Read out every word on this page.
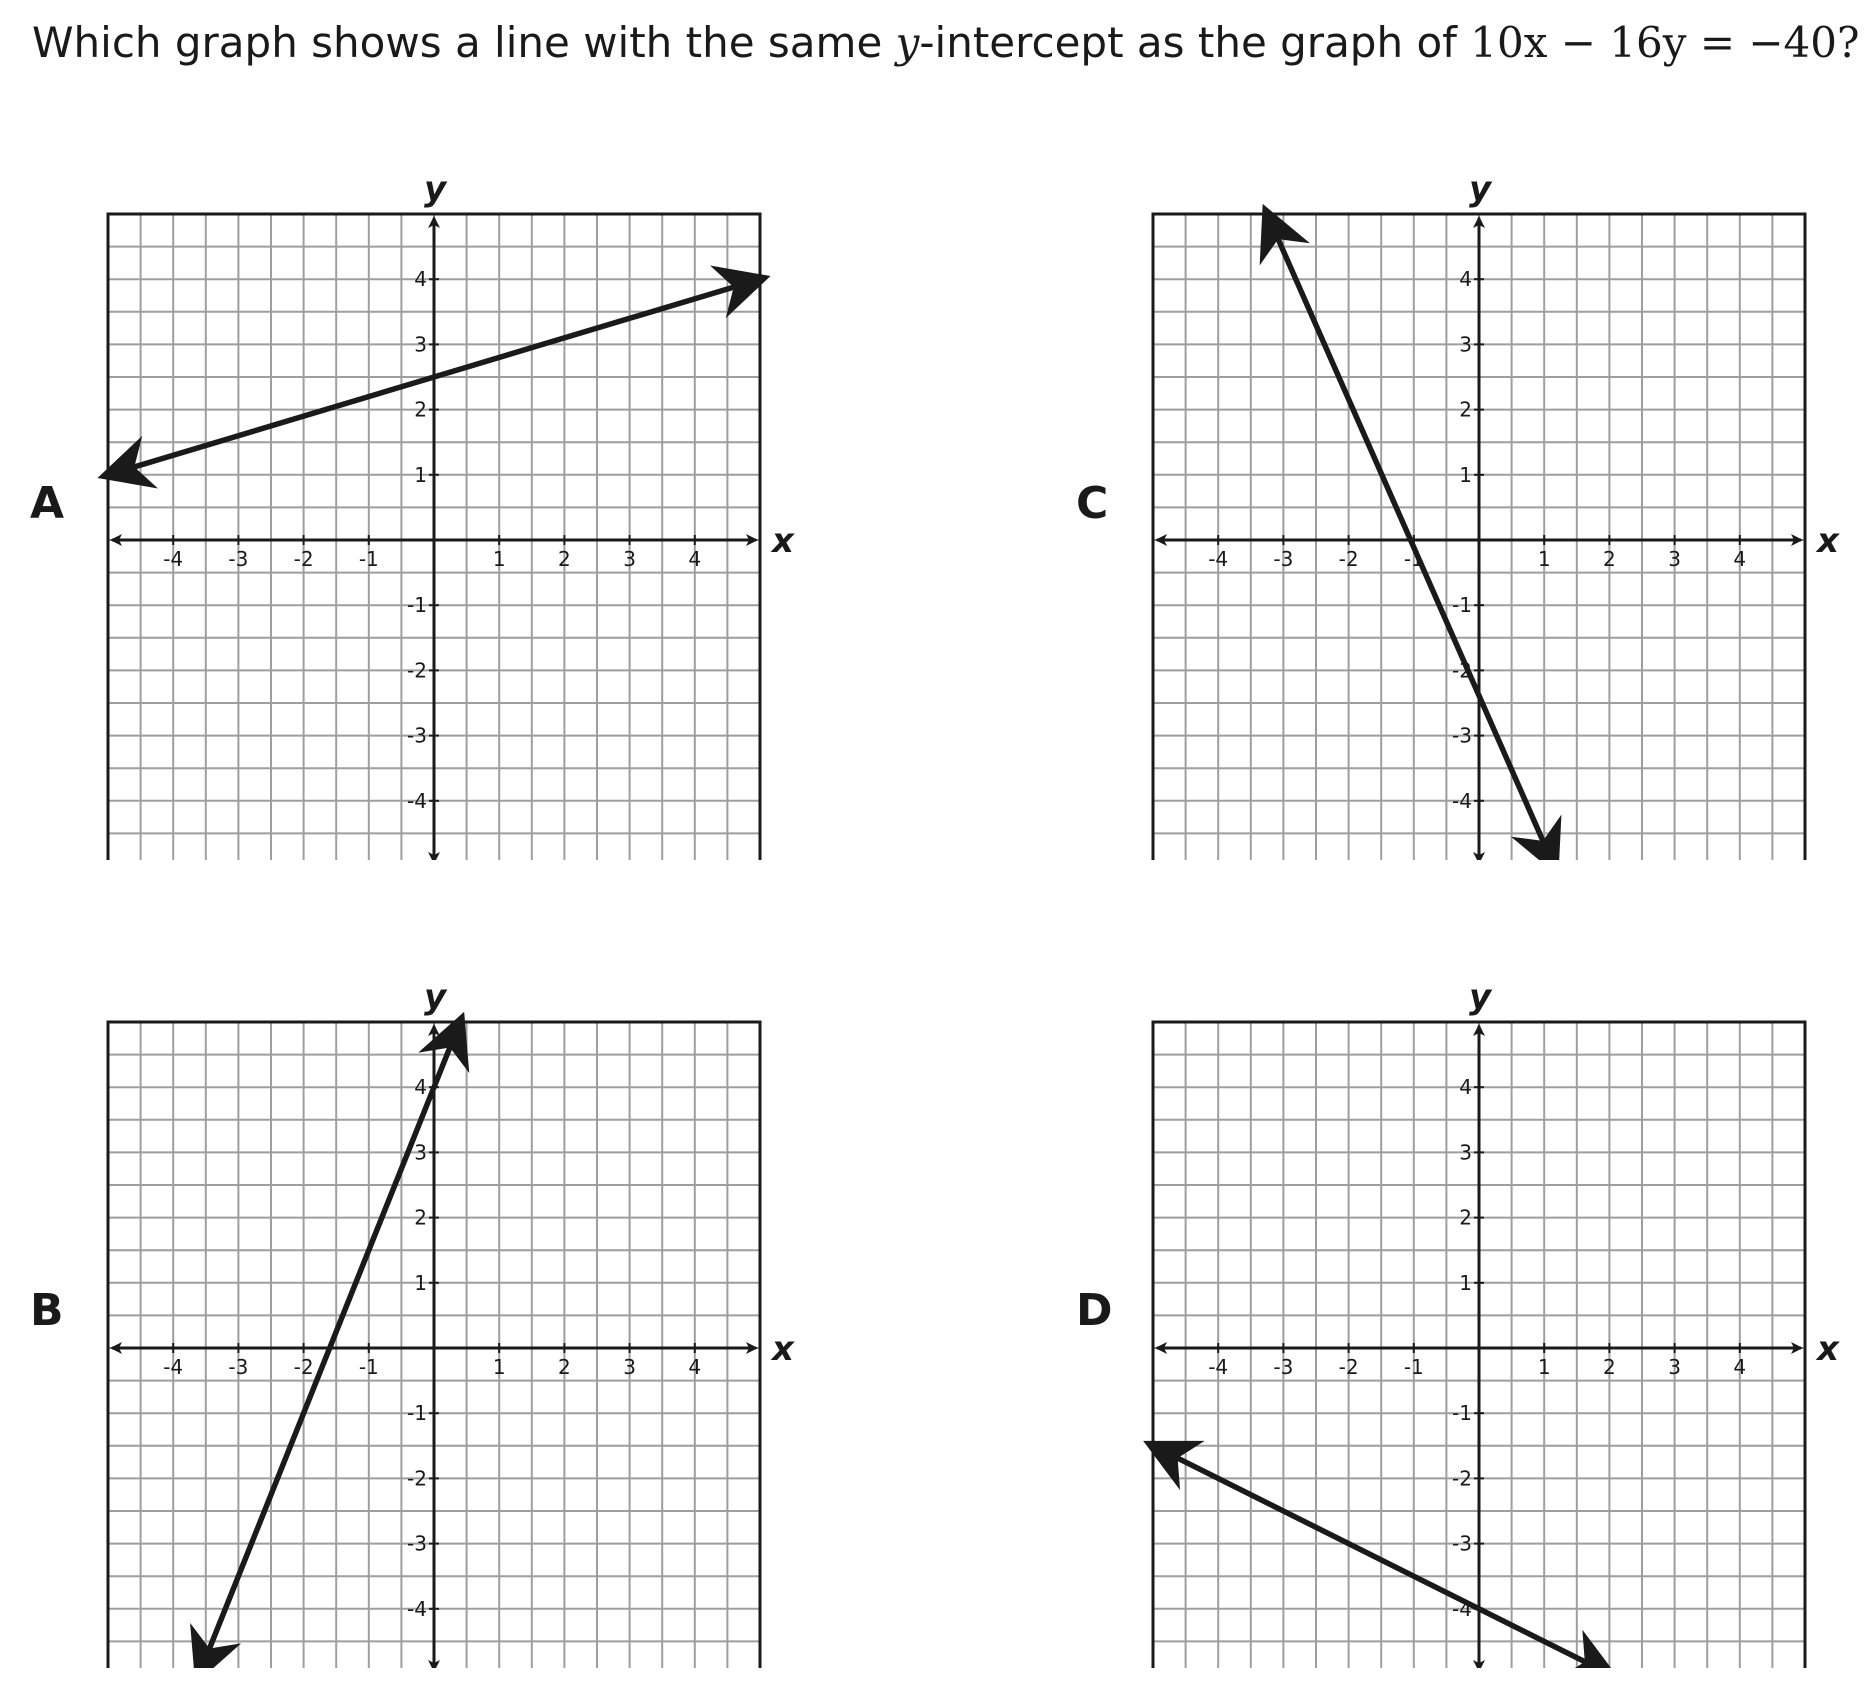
Which graph shows a line with the same y-intercept as the graph of 10x − 16y = −40?
A	C
B	D
x
y
-4 -3 -2 -1	1	2	3	4
4
3
2
1
-1
-2
-3
-4
x
y
-4 -3 -2 -1	1	2	3	4
4
3
2
1
-1
-2
-3
-4
x
y
-4 -3 -2 -1	1	2	3	4
4
3
2
1
-1
-2
-3
-4
x
y
-4 -3 -2 -1	1	2	3	4
4
3
2
1
-1
-2
-3
-4
